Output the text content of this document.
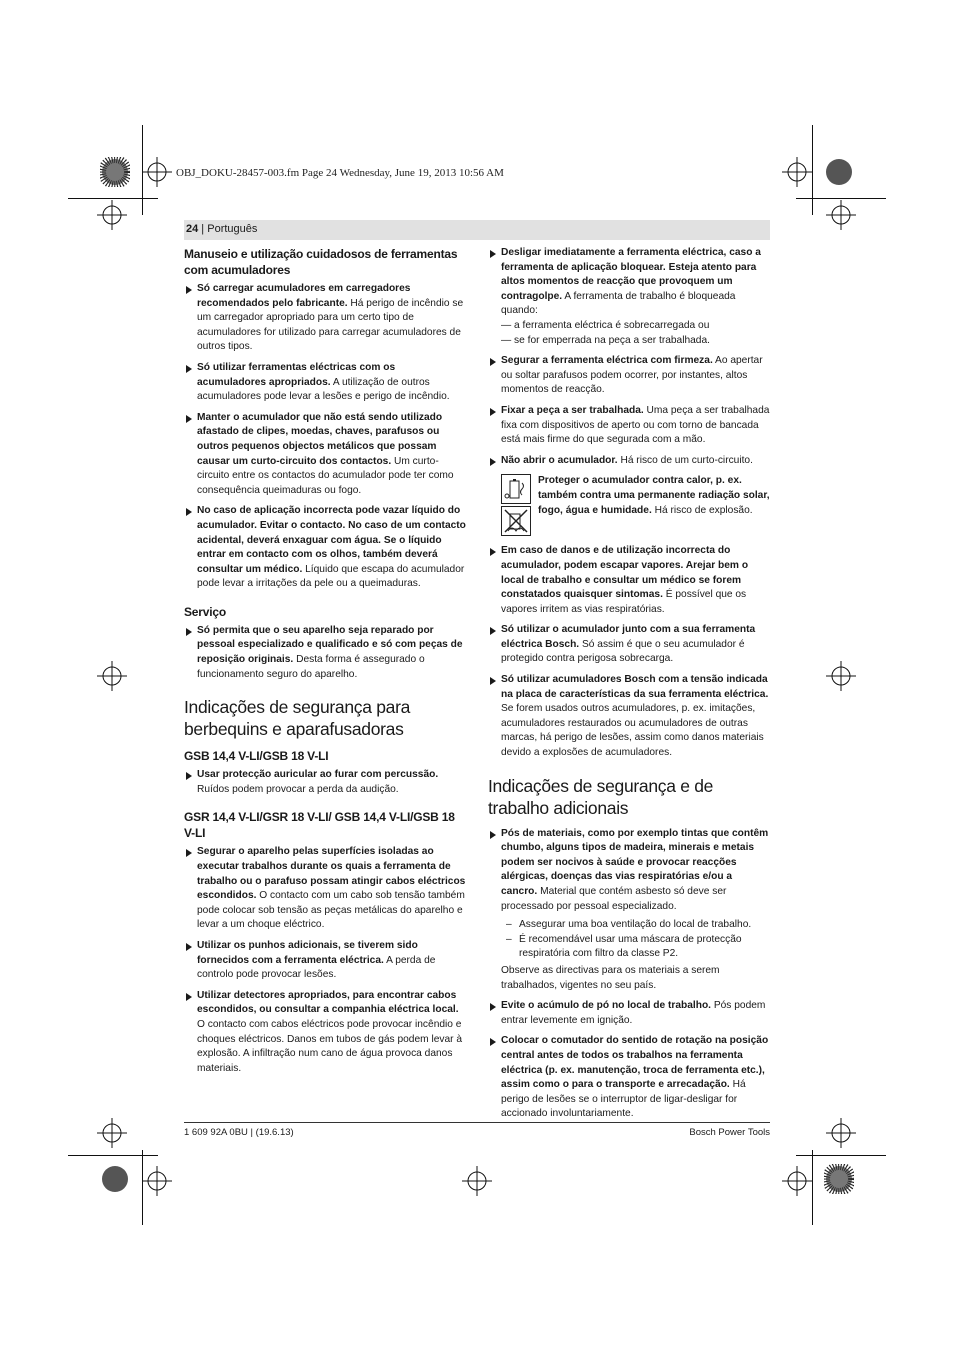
OBJ_DOKU-28457-003.fm Page 24 Wednesday, June 19, 2013 10:56 AM
24 | Português
Manuseio e utilização cuidadosos de ferramentas com acumuladores
Só carregar acumuladores em carregadores recomendados pelo fabricante. Há perigo de incêndio se um carregador apropriado para um certo tipo de acumuladores for utilizado para carregar acumuladores de outros tipos.
Só utilizar ferramentas eléctricas com os acumuladores apropriados. A utilização de outros acumuladores pode levar a lesões e perigo de incêndio.
Manter o acumulador que não está sendo utilizado afastado de clipes, moedas, chaves, parafusos ou outros pequenos objectos metálicos que possam causar um curto-circuito dos contactos. Um curto-circuito entre os contactos do acumulador pode ter como consequência queimaduras ou fogo.
No caso de aplicação incorrecta pode vazar líquido do acumulador. Evitar o contacto. No caso de um contacto acidental, deverá enxaguar com água. Se o líquido entrar em contacto com os olhos, também deverá consultar um médico. Líquido que escapa do acumulador pode levar a irritações da pele ou a queimaduras.
Serviço
Só permita que o seu aparelho seja reparado por pessoal especializado e qualificado e só com peças de reposição originais. Desta forma é assegurado o funcionamento seguro do aparelho.
Indicações de segurança para berbequins e aparafusadoras
GSB 14,4 V-LI/GSB 18 V-LI
Usar protecção auricular ao furar com percussão. Ruídos podem provocar a perda da audição.
GSR 14,4 V-LI/GSR 18 V-LI/ GSB 14,4 V-LI/GSB 18 V-LI
Segurar o aparelho pelas superfícies isoladas ao executar trabalhos durante os quais a ferramenta de trabalho ou o parafuso possam atingir cabos eléctricos escondidos. O contacto com um cabo sob tensão também pode colocar sob tensão as peças metálicas do aparelho e levar a um choque eléctrico.
Utilizar os punhos adicionais, se tiverem sido fornecidos com a ferramenta eléctrica. A perda de controlo pode provocar lesões.
Utilizar detectores apropriados, para encontrar cabos escondidos, ou consultar a companhia eléctrica local. O contacto com cabos eléctricos pode provocar incêndio e choques eléctricos. Danos em tubos de gás podem levar à explosão. A infiltração num cano de água provoca danos materiais.
Desligar imediatamente a ferramenta eléctrica, caso a ferramenta de aplicação bloquear. Esteja atento para altos momentos de reacção que provoquem um contragolpe. A ferramenta de trabalho é bloqueada quando:
— a ferramenta eléctrica é sobrecarregada ou
— se for emperrada na peça a ser trabalhada.
Segurar a ferramenta eléctrica com firmeza. Ao apertar ou soltar parafusos podem ocorrer, por instantes, altos momentos de reacção.
Fixar a peça a ser trabalhada. Uma peça a ser trabalhada fixa com dispositivos de aperto ou com torno de bancada está mais firme do que segurada com a mão.
Não abrir o acumulador. Há risco de um curto-circuito.
Proteger o acumulador contra calor, p. ex. também contra uma permanente radiação solar, fogo, água e humidade. Há risco de explosão.
Em caso de danos e de utilização incorrecta do acumulador, podem escapar vapores. Arejar bem o local de trabalho e consultar um médico se forem constatados quaisquer sintomas. É possível que os vapores irritem as vias respiratórias.
Só utilizar o acumulador junto com a sua ferramenta eléctrica Bosch. Só assim é que o seu acumulador é protegido contra perigosa sobrecarga.
Só utilizar acumuladores Bosch com a tensão indicada na placa de características da sua ferramenta eléctrica. Se forem usados outros acumuladores, p. ex. imitações, acumuladores restaurados ou acumuladores de outras marcas, há perigo de lesões, assim como danos materiais devido a explosões de acumuladores.
Indicações de segurança e de trabalho adicionais
Pós de materiais, como por exemplo tintas que contêm chumbo, alguns tipos de madeira, minerais e metais podem ser nocivos à saúde e provocar reacções alérgicas, doenças das vias respiratórias e/ou a cancro. Material que contém asbesto só deve ser processado por pessoal especializado.
– Assegurar uma boa ventilação do local de trabalho.
– É recomendável usar uma máscara de protecção respiratória com filtro da classe P2.
Observe as directivas para os materiais a serem trabalhados, vigentes no seu país.
Evite o acúmulo de pó no local de trabalho. Pós podem entrar levemente em ignição.
Colocar o comutador do sentido de rotação na posição central antes de todos os trabalhos na ferramenta eléctrica (p. ex. manutenção, troca de ferramenta etc.), assim como o para o transporte e arrecadação. Há perigo de lesões se o interruptor de ligar-desligar for accionado involuntariamente.
1 609 92A 0BU | (19.6.13)	Bosch Power Tools
